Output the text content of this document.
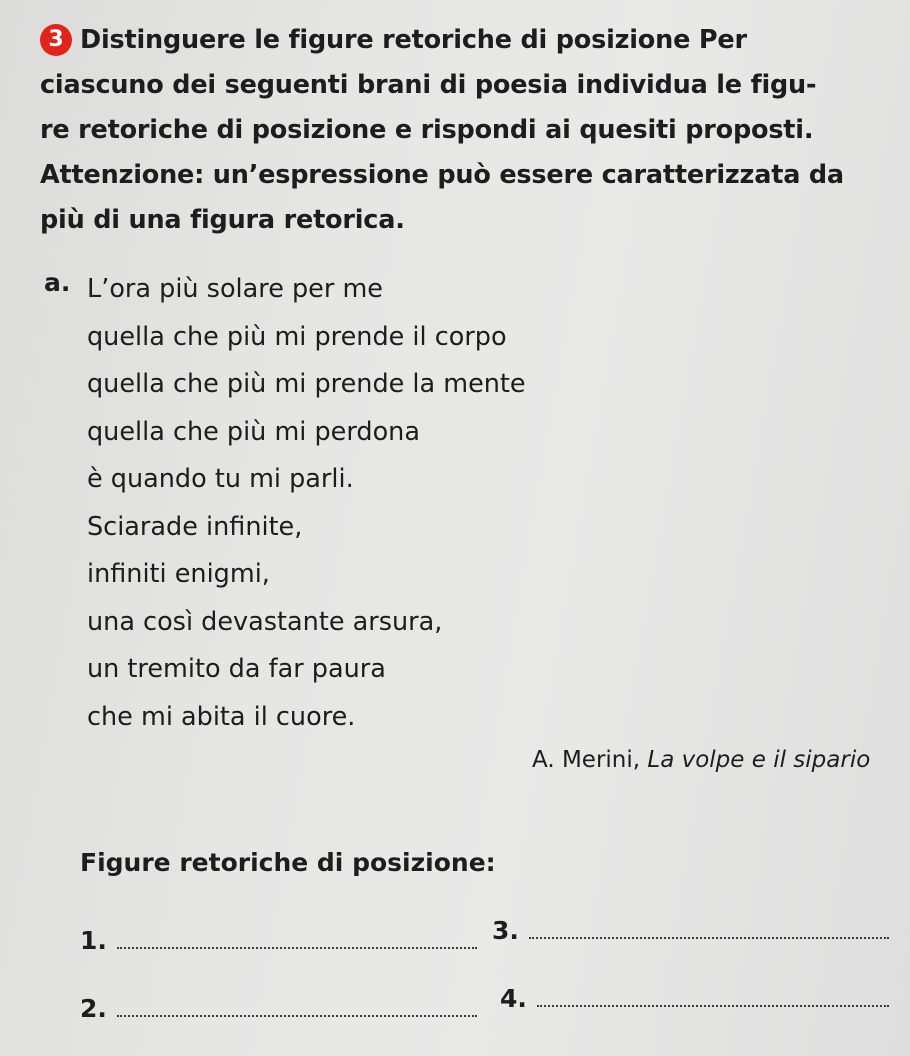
3 Distinguere le figure retoriche di posizione Per
ciascuno dei seguenti brani di poesia individua le figu-
re retoriche di posizione e rispondi ai quesiti proposti.
Attenzione: un’espressione può essere caratterizzata da
più di una figura retorica.
a. L’ora più solare per me
quella che più mi prende il corpo
quella che più mi prende la mente
quella che più mi perdona
è quando tu mi parli.
Sciarade infinite,
infiniti enigmi,
una così devastante arsura,
un tremito da far paura
che mi abita il cuore.
A. Merini, La volpe e il sipario
Figure retoriche di posizione:
1.	3.
2.	4.
